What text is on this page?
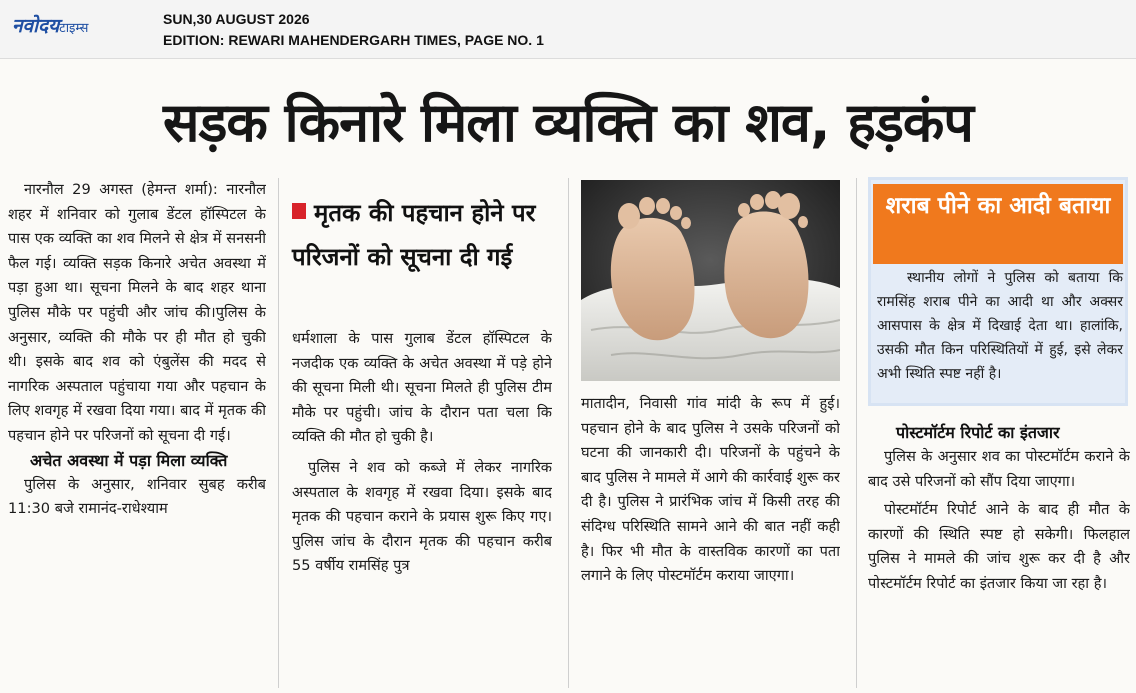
नवोदयटाइम्स
SUN,30 AUGUST 2026
EDITION: REWARI MAHENDERGARH TIMES, PAGE NO. 1
सड़क किनारे मिला व्यक्ति का शव, हड़कंप

नारनौल 29 अगस्त (हेमन्त शर्मा): नारनौल शहर में शनिवार को गुलाब डेंटल हॉस्पिटल के पास एक व्यक्ति का शव मिलने से क्षेत्र में सनसनी फैल गई। व्यक्ति सड़क किनारे अचेत अवस्था में पड़ा हुआ था। सूचना मिलने के बाद शहर थाना पुलिस मौके पर पहुंची और जांच की।पुलिस के अनुसार, व्यक्ति की मौके पर ही मौत हो चुकी थी। इसके बाद शव को एंबुलेंस की मदद से नागरिक अस्पताल पहुंचाया गया और पहचान के लिए शवगृह में रखवा दिया गया। बाद में मृतक की पहचान होने पर परिजनों को सूचना दी गई।

अचेत अवस्था में पड़ा मिला व्यक्ति

पुलिस के अनुसार, शनिवार सुबह करीब 11:30 बजे रामानंद-राधेश्याम

मृतक की पहचान होने पर परिजनों को सूचना दी गई

धर्मशाला के पास गुलाब डेंटल हॉस्पिटल के नजदीक एक व्यक्ति के अचेत अवस्था में पड़े होने की सूचना मिली थी। सूचना मिलते ही पुलिस टीम मौके पर पहुंची। जांच के दौरान पता चला कि व्यक्ति की मौत हो चुकी है।

पुलिस ने शव को कब्जे में लेकर नागरिक अस्पताल के शवगृह में रखवा दिया। इसके बाद मृतक की पहचान कराने के प्रयास शुरू किए गए।पुलिस जांच के दौरान मृतक की पहचान करीब 55 वर्षीय रामसिंह पुत्र

मातादीन, निवासी गांव मांदी के रूप में हुई। पहचान होने के बाद पुलिस ने उसके परिजनों को घटना की जानकारी दी। परिजनों के पहुंचने के बाद पुलिस ने मामले में आगे की कार्रवाई शुरू कर दी है। पुलिस ने प्रारंभिक जांच में किसी तरह की संदिग्ध परिस्थिति सामने आने की बात नहीं कही है। फिर भी मौत के वास्तविक कारणों का पता लगाने के लिए पोस्टमॉर्टम कराया जाएगा।

शराब पीने का आदी बताया

स्थानीय लोगों ने पुलिस को बताया कि रामसिंह शराब पीने का आदी था और अक्सर आसपास के क्षेत्र में दिखाई देता था। हालांकि, उसकी मौत किन परिस्थितियों में हुई, इसे लेकर अभी स्थिति स्पष्ट नहीं है।

पोस्टमॉर्टम रिपोर्ट का इंतजार

पुलिस के अनुसार शव का पोस्टमॉर्टम कराने के बाद उसे परिजनों को सौंप दिया जाएगा।

पोस्टमॉर्टम रिपोर्ट आने के बाद ही मौत के कारणों की स्थिति स्पष्ट हो सकेगी। फिलहाल पुलिस ने मामले की जांच शुरू कर दी है और पोस्टमॉर्टम रिपोर्ट का इंतजार किया जा रहा है।
